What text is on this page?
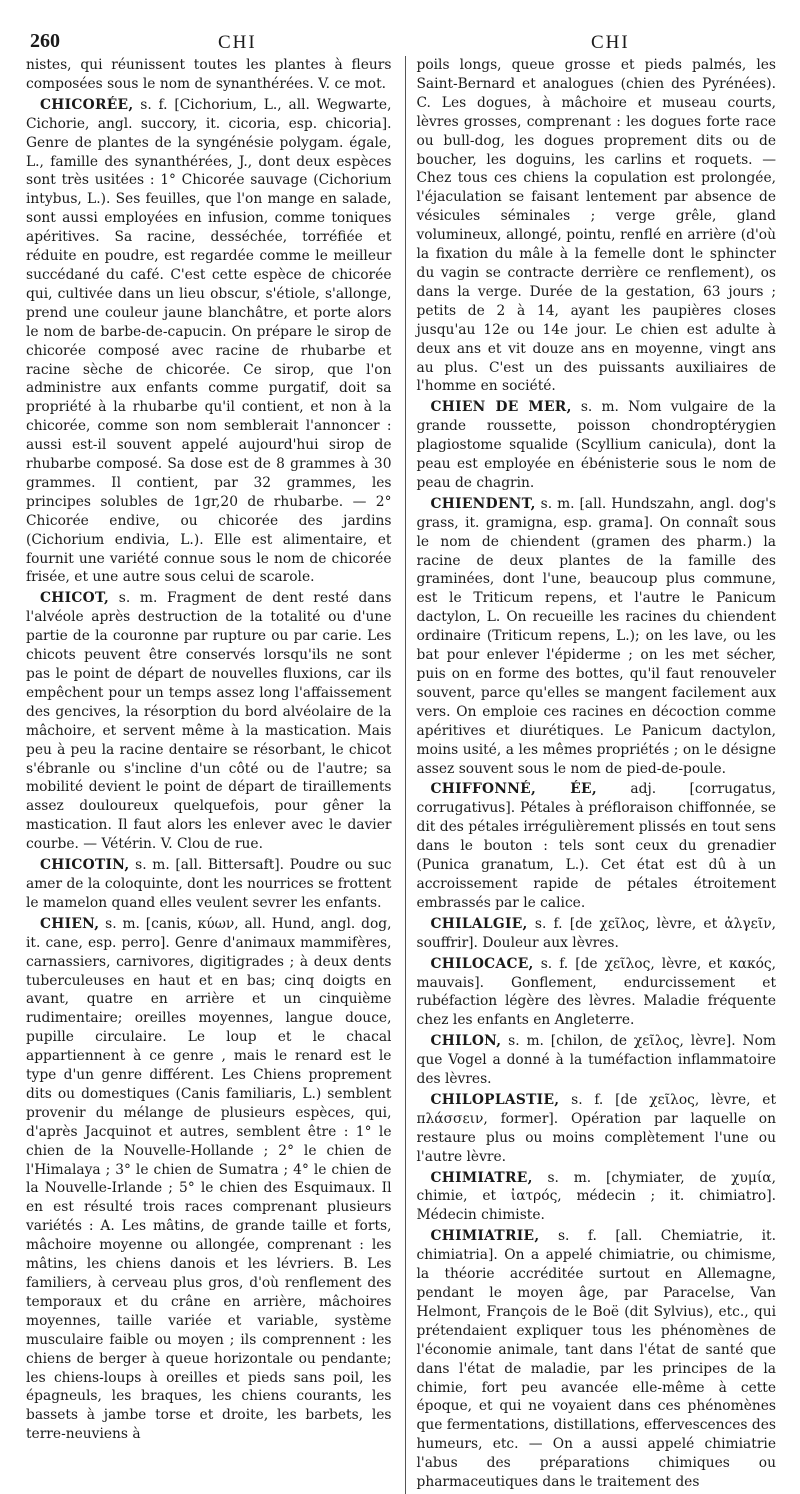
260	CHI	CHI

nistes, qui réunissent toutes les plantes à fleurs composées sous le nom de synanthérées. V. ce mot.

CHICORÉE, s. f. [Cichorium, L., all. Wegwarte, Cichorie, angl. succory, it. cicoria, esp. chicoria]. Genre de plantes de la syngénésie polygam. égale, L., famille des synanthérées, J., dont deux espèces sont très usitées : 1° Chicorée sauvage (Cichorium intybus, L.). Ses feuilles, que l'on mange en salade, sont aussi employées en infusion, comme toniques apéritives. Sa racine, desséchée, torréfiée et réduite en poudre, est regardée comme le meilleur succédané du café. C'est cette espèce de chicorée qui, cultivée dans un lieu obscur, s'étiole, s'allonge, prend une couleur jaune blanchâtre, et porte alors le nom de barbe-de-capucin. On prépare le sirop de chicorée composé avec racine de rhubarbe et racine sèche de chicorée. Ce sirop, que l'on administre aux enfants comme purgatif, doit sa propriété à la rhubarbe qu'il contient, et non à la chicorée, comme son nom semblerait l'annoncer : aussi est-il souvent appelé aujourd'hui sirop de rhubarbe composé. Sa dose est de 8 grammes à 30 grammes. Il contient, par 32 grammes, les principes solubles de 1gr,20 de rhubarbe. — 2° Chicorée endive, ou chicorée des jardins (Cichorium endivia, L.). Elle est alimentaire, et fournit une variété connue sous le nom de chicorée frisée, et une autre sous celui de scarole.

CHICOT, s. m. Fragment de dent resté dans l'alvéole après destruction de la totalité ou d'une partie de la couronne par rupture ou par carie. Les chicots peuvent être conservés lorsqu'ils ne sont pas le point de départ de nouvelles fluxions, car ils empêchent pour un temps assez long l'affaissement des gencives, la résorption du bord alvéolaire de la mâchoire, et servent même à la mastication. Mais peu à peu la racine dentaire se résorbant, le chicot s'ébranle ou s'incline d'un côté ou de l'autre; sa mobilité devient le point de départ de tiraillements assez douloureux quelquefois, pour gêner la mastication. Il faut alors les enlever avec le davier courbe. — Vétérin. V. Clou de rue.

CHICOTIN, s. m. [all. Bittersaft]. Poudre ou suc amer de la coloquinte, dont les nourrices se frottent le mamelon quand elles veulent sevrer les enfants.

CHIEN, s. m. [canis, κύων, all. Hund, angl. dog, it. cane, esp. perro]. Genre d'animaux mammifères, carnassiers, carnivores, digitigrades ; à deux dents tuberculeuses en haut et en bas; cinq doigts en avant, quatre en arrière et un cinquième rudimentaire; oreilles moyennes, langue douce, pupille circulaire. Le loup et le chacal appartiennent à ce genre , mais le renard est le type d'un genre différent. Les Chiens proprement dits ou domestiques (Canis familiaris, L.) semblent provenir du mélange de plusieurs espèces, qui, d'après Jacquinot et autres, semblent être : 1° le chien de la Nouvelle-Hollande ; 2° le chien de l'Himalaya ; 3° le chien de Sumatra ; 4° le chien de la Nouvelle-Irlande ; 5° le chien des Esquimaux. Il en est résulté trois races comprenant plusieurs variétés : A. Les mâtins, de grande taille et forts, mâchoire moyenne ou allongée, comprenant : les mâtins, les chiens danois et les lévriers. B. Les familiers, à cerveau plus gros, d'où renflement des temporaux et du crâne en arrière, mâchoires moyennes, taille variée et variable, système musculaire faible ou moyen ; ils comprennent : les chiens de berger à queue horizontale ou pendante; les chiens-loups à oreilles et pieds sans poil, les épagneuls, les braques, les chiens courants, les bassets à jambe torse et droite, les barbets, les terre-neuviens à

poils longs, queue grosse et pieds palmés, les Saint-Bernard et analogues (chien des Pyrénées). C. Les dogues, à mâchoire et museau courts, lèvres grosses, comprenant : les dogues forte race ou bull-dog, les dogues proprement dits ou de boucher, les doguins, les carlins et roquets. — Chez tous ces chiens la copulation est prolongée, l'éjaculation se faisant lentement par absence de vésicules séminales ; verge grêle, gland volumineux, allongé, pointu, renflé en arrière (d'où la fixation du mâle à la femelle dont le sphincter du vagin se contracte derrière ce renflement), os dans la verge. Durée de la gestation, 63 jours ; petits de 2 à 14, ayant les paupières closes jusqu'au 12e ou 14e jour. Le chien est adulte à deux ans et vit douze ans en moyenne, vingt ans au plus. C'est un des puissants auxiliaires de l'homme en société.

CHIEN DE MER, s. m. Nom vulgaire de la grande roussette, poisson chondroptérygien plagiostome squalide (Scyllium canicula), dont la peau est employée en ébénisterie sous le nom de peau de chagrin.

CHIENDENT, s. m. [all. Hundszahn, angl. dog's grass, it. gramigna, esp. grama]. On connaît sous le nom de chiendent (gramen des pharm.) la racine de deux plantes de la famille des graminées, dont l'une, beaucoup plus commune, est le Triticum repens, et l'autre le Panicum dactylon, L. On recueille les racines du chiendent ordinaire (Triticum repens, L.); on les lave, ou les bat pour enlever l'épiderme ; on les met sécher, puis on en forme des bottes, qu'il faut renouveler souvent, parce qu'elles se mangent facilement aux vers. On emploie ces racines en décoction comme apéritives et diurétiques. Le Panicum dactylon, moins usité, a les mêmes propriétés ; on le désigne assez souvent sous le nom de pied-de-poule.

CHIFFONNÉ, ÉE, adj. [corrugatus, corrugativus]. Pétales à préfloraison chiffonnée, se dit des pétales irrégulièrement plissés en tout sens dans le bouton : tels sont ceux du grenadier (Punica granatum, L.). Cet état est dû à un accroissement rapide de pétales étroitement embrassés par le calice.

CHILALGIE, s. f. [de χεῖλος, lèvre, et ἀλγεῖν, souffrir]. Douleur aux lèvres.

CHILOCACE, s. f. [de χεῖλος, lèvre, et κακός, mauvais]. Gonflement, endurcissement et rubéfaction légère des lèvres. Maladie fréquente chez les enfants en Angleterre.

CHILON, s. m. [chilon, de χεῖλος, lèvre]. Nom que Vogel a donné à la tuméfaction inflammatoire des lèvres.

CHILOPLASTIE, s. f. [de χεῖλος, lèvre, et πλάσσειν, former]. Opération par laquelle on restaure plus ou moins complètement l'une ou l'autre lèvre.

CHIMIATRE, s. m. [chymiater, de χυμία, chimie, et ἰατρός, médecin ; it. chimiatro]. Médecin chimiste.

CHIMIATRIE, s. f. [all. Chemiatrie, it. chimiatria]. On a appelé chimiatrie, ou chimisme, la théorie accréditée surtout en Allemagne, pendant le moyen âge, par Paracelse, Van Helmont, François de le Boë (dit Sylvius), etc., qui prétendaient expliquer tous les phénomènes de l'économie animale, tant dans l'état de santé que dans l'état de maladie, par les principes de la chimie, fort peu avancée elle-même à cette époque, et qui ne voyaient dans ces phénomènes que fermentations, distillations, effervescences des humeurs, etc. — On a aussi appelé chimiatrie l'abus des préparations chimiques ou pharmaceutiques dans le traitement des
